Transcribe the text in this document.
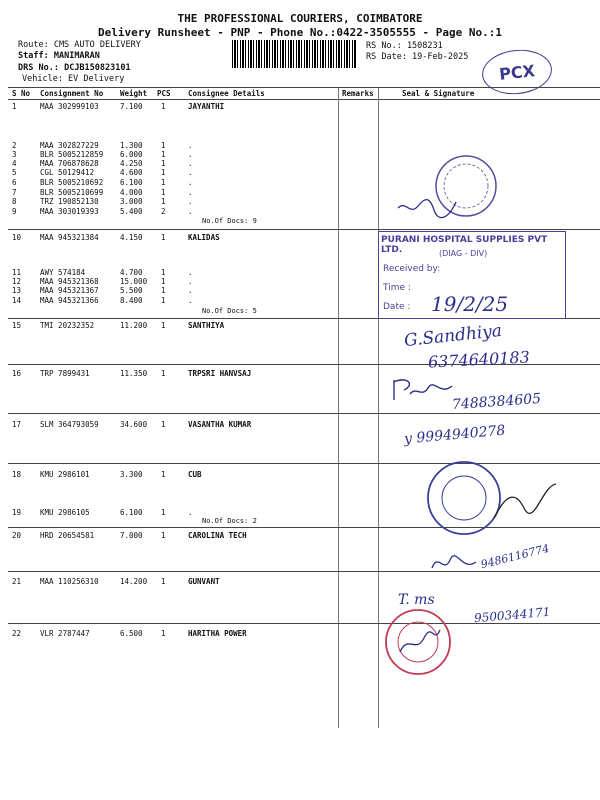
THE PROFESSIONAL COURIERS, COIMBATORE
Delivery Runsheet - PNP - Phone No.:0422-3505555 - Page No.:1
Route: CMS AUTO DELIVERY
Staff: MANIMARAN
DRS No.: DCJB150823101
Vehicle: EV Delivery
RS No.: 1508231
RS Date: 19-Feb-2025
PCX
S No Consignment No Weight PCS Consignee Details	Remarks	Seal & Signature
1	MAA 302999103	7.100 1	JAYANTHI
2	MAA 302827229	1.300 1	.
3	BLR 5005212859 6.000 1	.
4	MAA 706878628	4.250 1	.
5	CGL 50129412	4.600 1	.
6	BLR 5005210692 6.100 1	.
7	BLR 5005210699 4.000 1	.
8	TRZ 190852130	3.000 1	.
9	MAA 303019393	5.400 2	.
No.Of Docs: 9
10	MAA 945321384	4.150 1	KALIDAS
11	AWY 574184	4.700 1	.
12	MAA 945321368	15.000 1	.
13	MAA 945321367	5.500 1	.
14	MAA 945321366	8.400 1	.
No.Of Docs: 5
15	TMI 20232352	11.200 1	SANTHIYA
16	TRP 7899431	11.350 1	TRPSRI HANVSAJ
17	SLM 364793059	34.600 1	VASANTHA KUMAR
18	KMU 2986101	3.300 1	CUB
19	KMU 2986105	6.100 1	.
No.Of Docs: 2
20	HRD 20654581	7.000 1	CAROLINA TECH
21	MAA 110256310	14.200 1	GUNVANT
22	VLR 2787447	6.500 1	HARITHA POWER
PURANI HOSPITAL SUPPLIES PVT LTD.	(DIAG - DIV)
Received by:
Time :
Date : 19/2/25
G.Sandhiya
6374640183
7488384605
y 9994940278
9486116774
T. ms
9500344171
